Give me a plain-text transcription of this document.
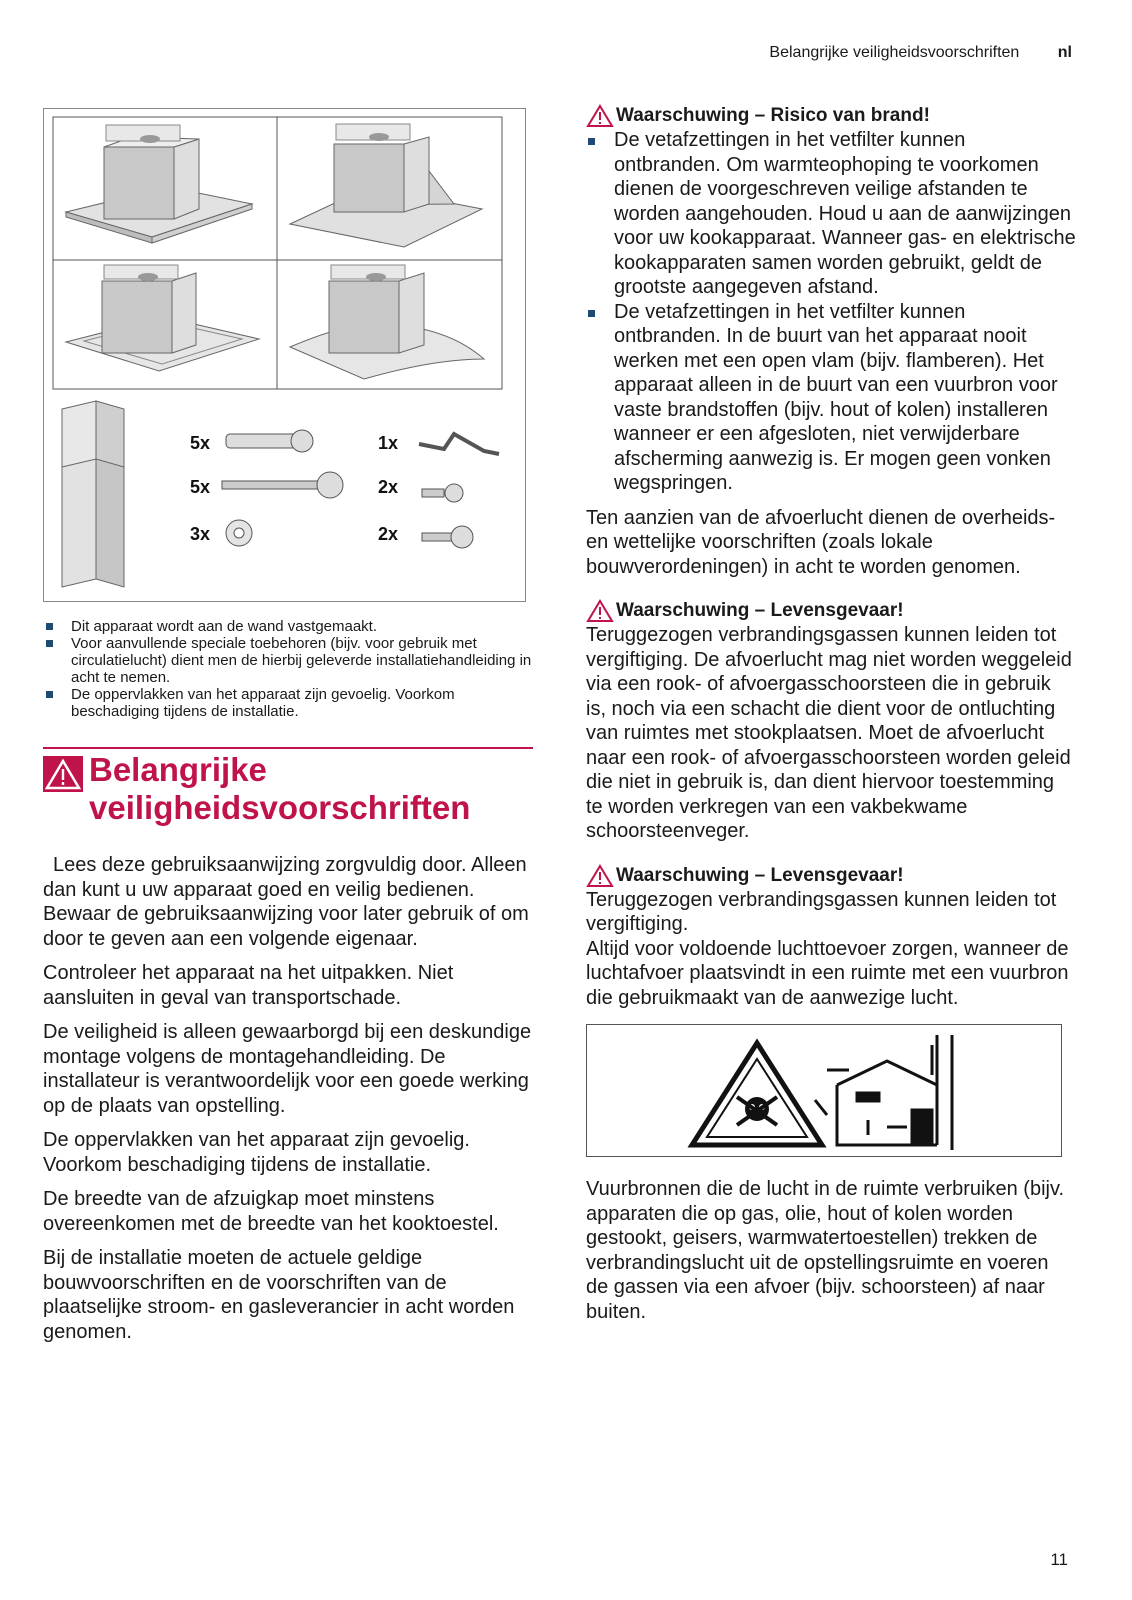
Belangrijke veiligheidsvoorschriften nl
5x
5x
3x
1x
2x
2x
Dit apparaat wordt aan de wand vastgemaakt.
Voor aanvullende speciale toebehoren (bijv. voor gebruik met circulatielucht) dient men de hierbij geleverde installatiehandleiding in acht te nemen.
De oppervlakken van het apparaat zijn gevoelig. Voorkom beschadiging tijdens de installatie.
Belangrijke veiligheidsvoorschriften

Lees deze gebruiksaanwijzing zorgvuldig door. Alleen dan kunt u uw apparaat goed en veilig bedienen. Bewaar de gebruiksaanwijzing voor later gebruik of om door te geven aan een volgende eigenaar.

Controleer het apparaat na het uitpakken. Niet aansluiten in geval van transportschade.

De veiligheid is alleen gewaarborgd bij een deskundige montage volgens de montagehandleiding. De installateur is verantwoordelijk voor een goede werking op de plaats van opstelling.

De oppervlakken van het apparaat zijn gevoelig. Voorkom beschadiging tijdens de installatie.

De breedte van de afzuigkap moet minstens overeenkomen met de breedte van het kooktoestel.

Bij de installatie moeten de actuele geldige bouwvoorschriften en de voorschriften van de plaatselijke stroom- en gasleverancier in acht worden genomen.

Waarschuwing – Risico van brand!
De vetafzettingen in het vetfilter kunnen ontbranden. Om warmteophoping te voorkomen dienen de voorgeschreven veilige afstanden te worden aangehouden. Houd u aan de aanwijzingen voor uw kookapparaat. Wanneer gas- en elektrische kookapparaten samen worden gebruikt, geldt de grootste aangegeven afstand.
De vetafzettingen in het vetfilter kunnen ontbranden. In de buurt van het apparaat nooit werken met een open vlam (bijv. flamberen). Het apparaat alleen in de buurt van een vuurbron voor vaste brandstoffen (bijv. hout of kolen) installeren wanneer er een afgesloten, niet verwijderbare afscherming aanwezig is. Er mogen geen vonken wegspringen.

Ten aanzien van de afvoerlucht dienen de overheids- en wettelijke voorschriften (zoals lokale bouwverordeningen) in acht te worden genomen.

Waarschuwing – Levensgevaar!

Teruggezogen verbrandingsgassen kunnen leiden tot vergiftiging. De afvoerlucht mag niet worden weggeleid via een rook- of afvoergasschoorsteen die in gebruik is, noch via een schacht die dient voor de ontluchting van ruimtes met stookplaatsen. Moet de afvoerlucht naar een rook- of afvoergasschoorsteen worden geleid die niet in gebruik is, dan dient hiervoor toestemming te worden verkregen van een vakbekwame schoorsteenveger.

Waarschuwing – Levensgevaar!

Teruggezogen verbrandingsgassen kunnen leiden tot vergiftiging.

Altijd voor voldoende luchttoevoer zorgen, wanneer de luchtafvoer plaatsvindt in een ruimte met een vuurbron die gebruikmaakt van de aanwezige lucht.

Vuurbronnen die de lucht in de ruimte verbruiken (bijv. apparaten die op gas, olie, hout of kolen worden gestookt, geisers, warmwatertoestellen) trekken de verbrandingslucht uit de opstellingsruimte en voeren de gassen via een afvoer (bijv. schoorsteen) af naar buiten.

11
